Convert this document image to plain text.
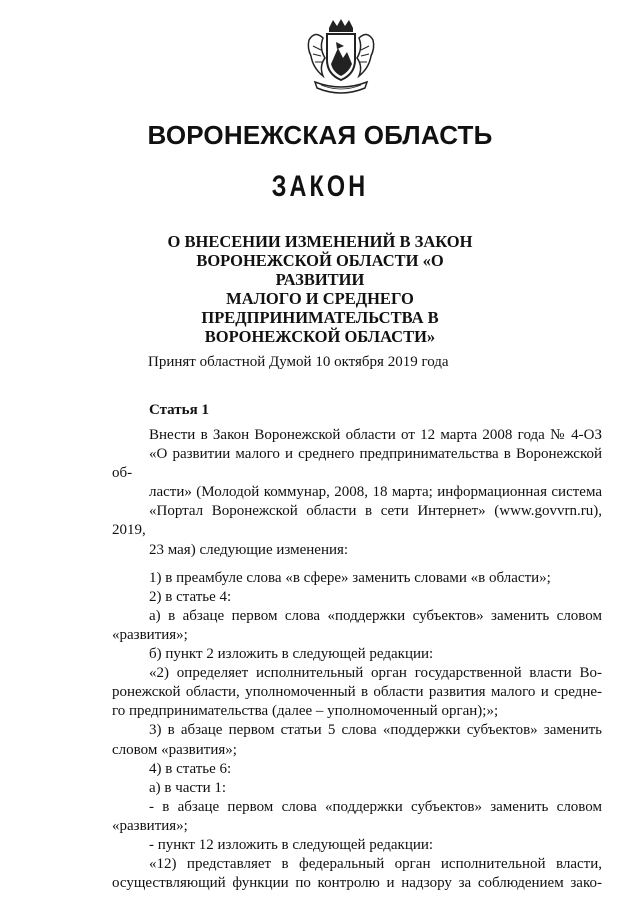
ВОРОНЕЖСКАЯ ОБЛАСТЬ
ЗАКОН
О ВНЕСЕНИИ ИЗМЕНЕНИЙ В ЗАКОН
ВОРОНЕЖСКОЙ ОБЛАСТИ «О РАЗВИТИИ
МАЛОГО И СРЕДНЕГО
ПРЕДПРИНИМАТЕЛЬСТВА В
ВОРОНЕЖСКОЙ ОБЛАСТИ»
Принят областной Думой 10 октября 2019 года
Статья 1

Внести в Закон Воронежской области от 12 марта 2008 года № 4-ОЗ
«О развитии малого и среднего предпринимательства в Воронежской об-
ласти» (Молодой коммунар, 2008, 18 марта; информационная система
«Портал Воронежской области в сети Интернет» (www.govvrn.ru), 2019,
23 мая) следующие изменения:

1) в преамбуле слова «в сфере» заменить словами «в области»;

2) в статье 4:

а) в абзаце первом слова «поддержки субъектов» заменить словом
«развития»;

б) пункт 2 изложить в следующей редакции:

«2) определяет исполнительный орган государственной власти Во-
ронежской области, уполномоченный в области развития малого и средне-
го предпринимательства (далее – уполномоченный орган);»;

3) в абзаце первом статьи 5 слова «поддержки субъектов» заменить
словом «развития»;

4) в статье 6:

а) в части 1:

- в абзаце первом слова «поддержки субъектов» заменить словом
«развития»;

- пункт 12 изложить в следующей редакции:

«12) представляет в федеральный орган исполнительной власти,
осуществляющий функции по контролю и надзору за соблюдением зако-
